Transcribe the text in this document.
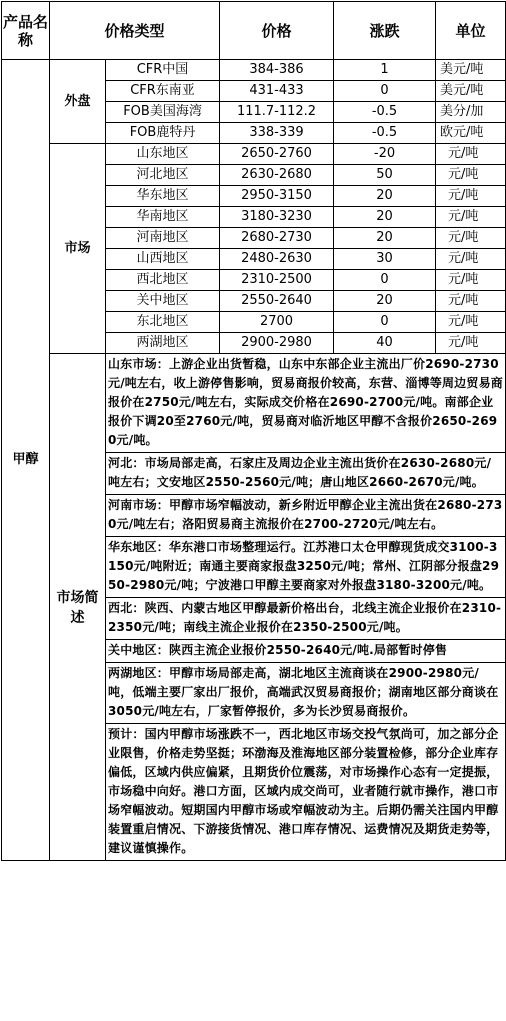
产品名称	价格类型		价格	涨跌	单位
甲醇	外盘	CFR中国	384-386	1	美元/吨
		CFR东南亚	431-433	0	美元/吨
		FOB美国海湾	111.7-112.2	-0.5	美分/加
		FOB鹿特丹	338-339	-0.5	欧元/吨
	市场	山东地区	2650-2760	-20	元/吨
		河北地区	2630-2680	50	元/吨
		华东地区	2950-3150	20	元/吨
		华南地区	3180-3230	20	元/吨
		河南地区	2680-2730	20	元/吨
		山西地区	2480-2630	30	元/吨
		西北地区	2310-2500	0	元/吨
		关中地区	2550-2640	20	元/吨
		东北地区	2700	0	元/吨
		两湖地区	2900-2980	40	元/吨
	市场简述	山东市场：上游企业出货暂稳，山东中东部企业主流出厂价2690-2730元/吨左右，收上游停售影响，贸易商报价较高，东营、淄博等周边贸易商报价在2750元/吨左右，实际成交价格在2690-2700元/吨。南部企业报价下调20至2760元/吨，贸易商对临沂地区甲醇不含报价2650-2690元/吨。			
		河北：市场局部走高，石家庄及周边企业主流出货价在2630-2680元/吨左右；文安地区2550-2560元/吨；唐山地区2660-2670元/吨。			
		河南市场：甲醇市场窄幅波动，新乡附近甲醇企业主流出货在2680-2730元/吨左右；洛阳贸易商主流报价在2700-2720元/吨左右。			
		华东地区：华东港口市场整理运行。江苏港口太仓甲醇现货成交3100-3150元/吨附近；南通主要商家报盘3250元/吨；常州、江阴部分报盘2950-2980元/吨；宁波港口甲醇主要商家对外报盘3180-3200元/吨。			
		西北：陕西、内蒙古地区甲醇最新价格出台，北线主流企业报价在2310-2350元/吨；南线主流企业报价在2350-2500元/吨。			
		关中地区：陕西主流企业报价2550-2640元/吨.局部暂时停售			
		两湖地区：甲醇市场局部走高，湖北地区主流商谈在2900-2980元/吨，低端主要厂家出厂报价，高端武汉贸易商报价；湖南地区部分商谈在3050元/吨左右，厂家暂停报价，多为长沙贸易商报价。			
		预计：国内甲醇市场涨跌不一，西北地区市场交投气氛尚可，加之部分企业限售，价格走势坚挺；环渤海及淮海地区部分装置检修，部分企业库存偏低，区域内供应偏紧，且期货价位震荡，对市场操作心态有一定提振，市场稳中向好。港口方面，区域内成交尚可，业者随行就市操作，港口市场窄幅波动。短期国内甲醇市场或窄幅波动为主。后期仍需关注国内甲醇装置重启情况、下游接货情况、港口库存情况、运费情况及期货走势等，建议谨慎操作。			
